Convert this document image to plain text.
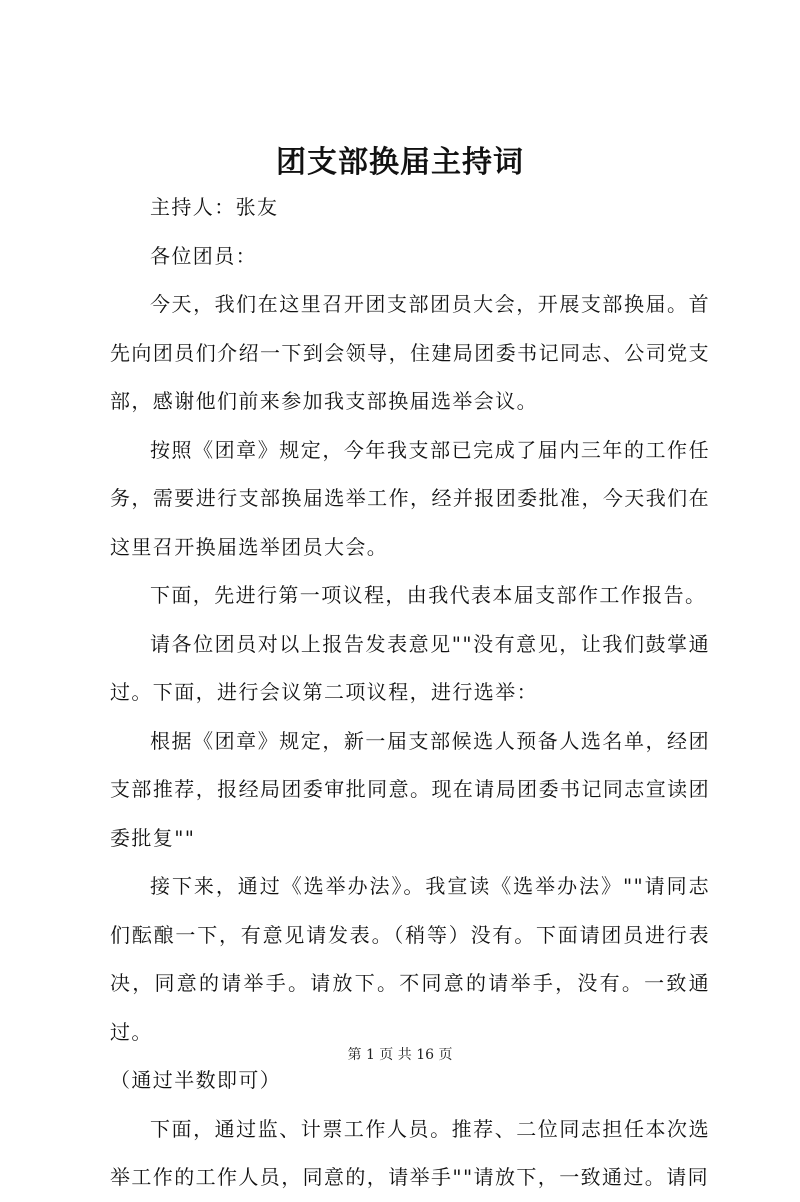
团支部换届主持词

主持人：张友

各位团员：

今天，我们在这里召开团支部团员大会，开展支部换届。首先向团员们介绍一下到会领导，住建局团委书记同志、公司党支部，感谢他们前来参加我支部换届选举会议。

按照《团章》规定，今年我支部已完成了届内三年的工作任务，需要进行支部换届选举工作，经并报团委批准，今天我们在这里召开换届选举团员大会。

下面，先进行第一项议程，由我代表本届支部作工作报告。

请各位团员对以上报告发表意见""没有意见，让我们鼓掌通过。下面，进行会议第二项议程，进行选举：

根据《团章》规定，新一届支部候选人预备人选名单，经团支部推荐，报经局团委审批同意。现在请局团委书记同志宣读团委批复""

接下来，通过《选举办法》。我宣读《选举办法》""请同志们酝酿一下，有意见请发表。（稍等）没有。下面请团员进行表决，同意的请举手。请放下。不同意的请举手，没有。一致通过。

（通过半数即可）

下面，通过监、计票工作人员。推荐、二位同志担任本次选举工作的工作人员，同意的，请举手""请放下，一致通过。请同

第 1 页 共 16 页
